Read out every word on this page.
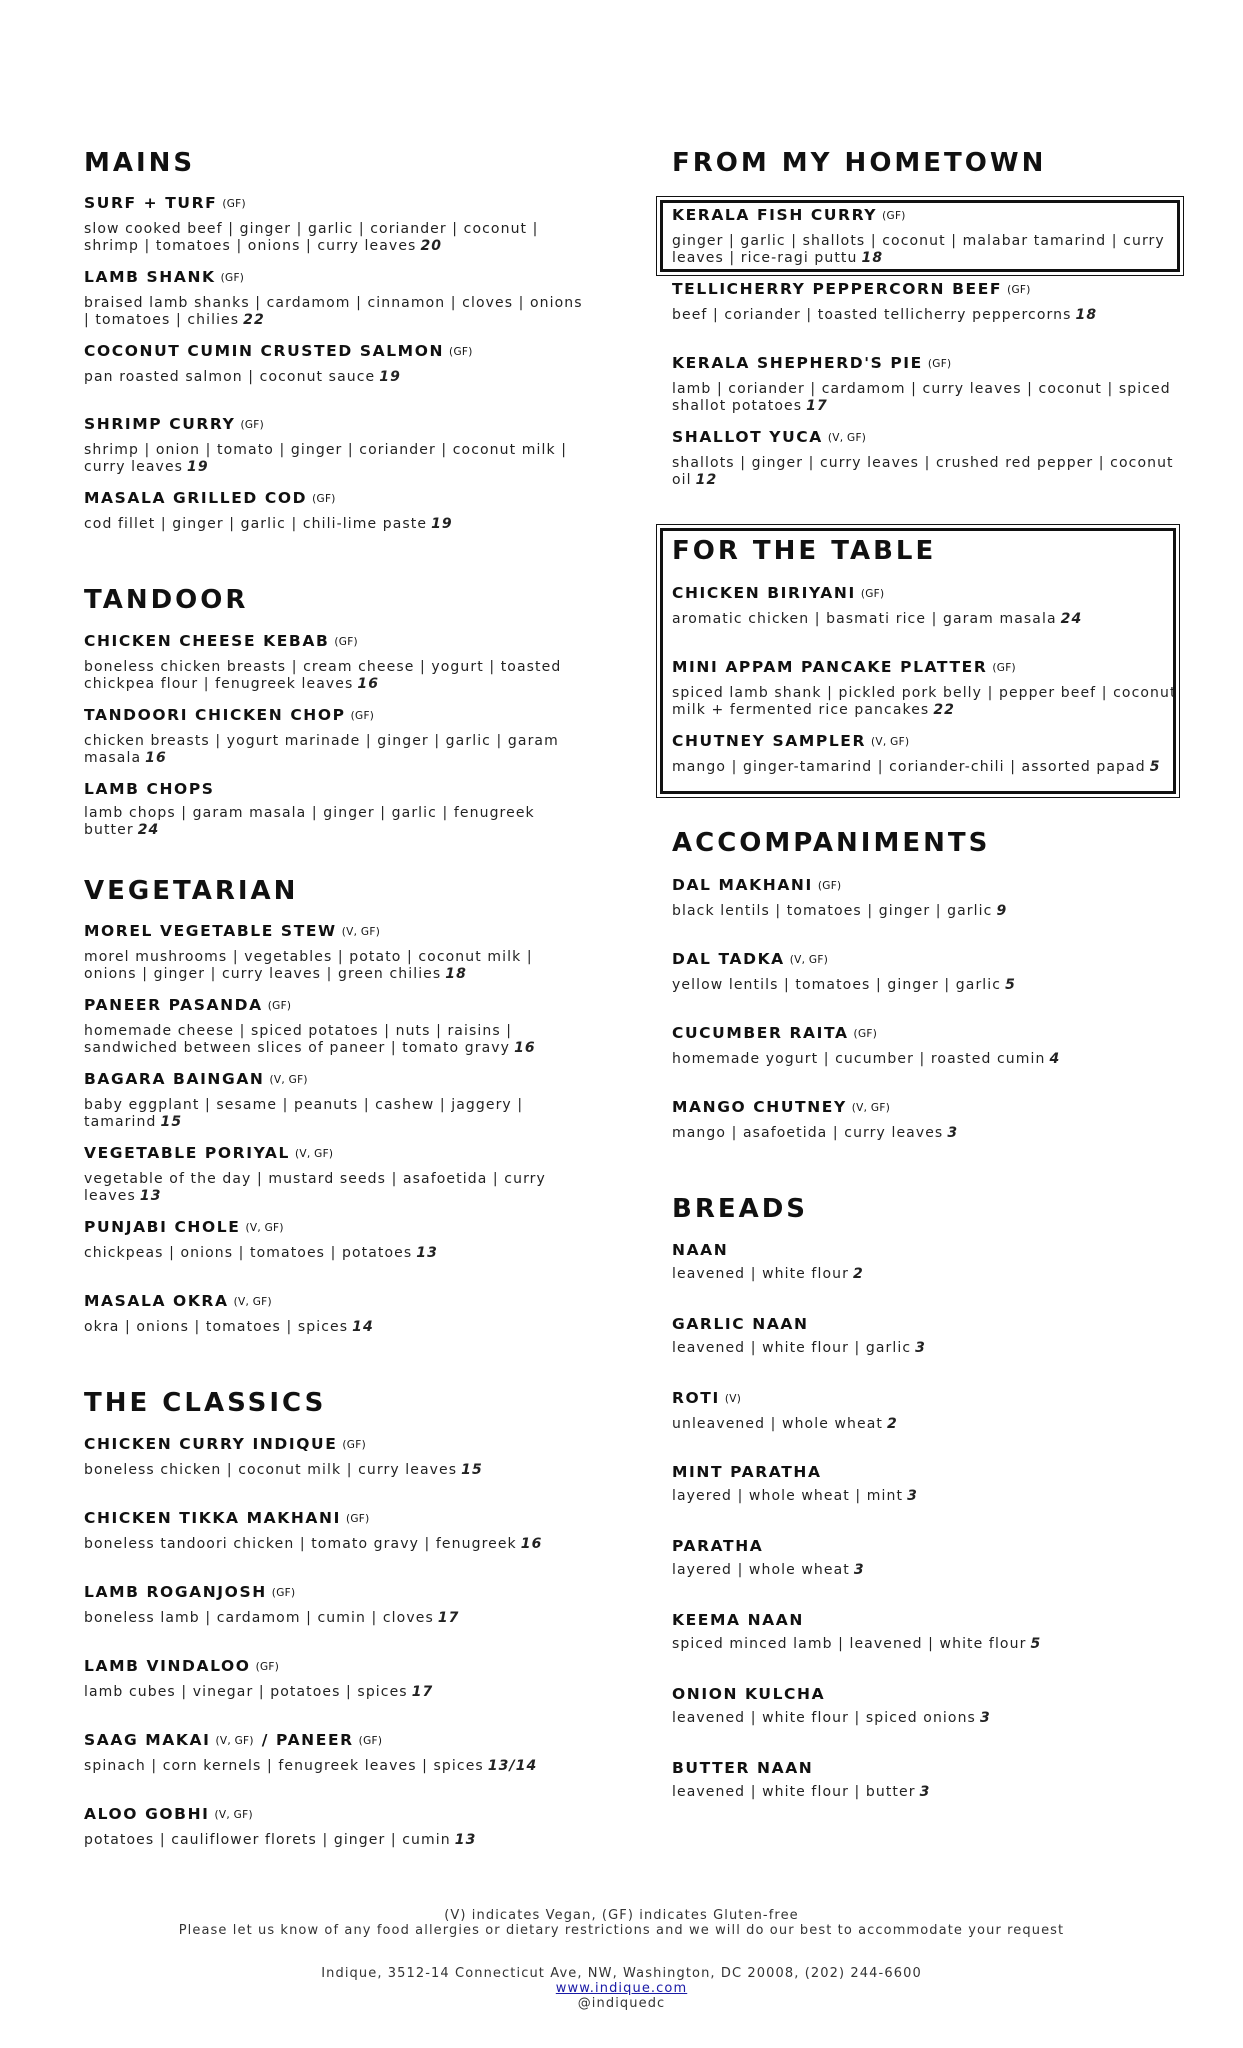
MAINS
SURF + TURF (GF)
slow cooked beef | ginger | garlic | coriander | coconut | shrimp | tomatoes | onions | curry leaves 20
LAMB SHANK (GF)
braised lamb shanks | cardamom | cinnamon | cloves | onions | tomatoes | chilies 22
COCONUT CUMIN CRUSTED SALMON (GF)
pan roasted salmon | coconut sauce 19
SHRIMP CURRY (GF)
shrimp | onion | tomato | ginger | coriander | coconut milk | curry leaves 19
MASALA GRILLED COD (GF)
cod fillet | ginger | garlic | chili-lime paste 19
TANDOOR
CHICKEN CHEESE KEBAB (GF)
boneless chicken breasts | cream cheese | yogurt | toasted chickpea flour | fenugreek leaves 16
TANDOORI CHICKEN CHOP (GF)
chicken breasts | yogurt marinade | ginger | garlic | garam masala 16
LAMB CHOPS
lamb chops | garam masala | ginger | garlic | fenugreek butter 24
VEGETARIAN
MOREL VEGETABLE STEW (V, GF)
morel mushrooms | vegetables | potato | coconut milk | onions | ginger | curry leaves | green chilies 18
PANEER PASANDA (GF)
homemade cheese | spiced potatoes | nuts | raisins | sandwiched between slices of paneer | tomato gravy 16
BAGARA BAINGAN (V, GF)
baby eggplant | sesame | peanuts | cashew | jaggery | tamarind 15
VEGETABLE PORIYAL (V, GF)
vegetable of the day | mustard seeds | asafoetida | curry leaves 13
PUNJABI CHOLE (V, GF)
chickpeas | onions | tomatoes | potatoes 13
MASALA OKRA (V, GF)
okra | onions | tomatoes | spices 14
THE CLASSICS
CHICKEN CURRY INDIQUE (GF)
boneless chicken | coconut milk | curry leaves 15
CHICKEN TIKKA MAKHANI (GF)
boneless tandoori chicken | tomato gravy | fenugreek 16
LAMB ROGANJOSH (GF)
boneless lamb | cardamom | cumin | cloves 17
LAMB VINDALOO (GF)
lamb cubes | vinegar | potatoes | spices 17
SAAG MAKAI (V, GF) / PANEER (GF)
spinach | corn kernels | fenugreek leaves | spices 13/14
ALOO GOBHI (V, GF)
potatoes | cauliflower florets | ginger | cumin 13
FROM MY HOMETOWN
KERALA FISH CURRY (GF)
ginger | garlic | shallots | coconut | malabar tamarind | curry leaves | rice-ragi puttu 18
TELLICHERRY PEPPERCORN BEEF (GF)
beef | coriander | toasted tellicherry peppercorns 18
KERALA SHEPHERD'S PIE (GF)
lamb | coriander | cardamom | curry leaves | coconut | spiced shallot potatoes 17
SHALLOT YUCA (V, GF)
shallots | ginger | curry leaves | crushed red pepper | coconut oil 12
FOR THE TABLE
CHICKEN BIRIYANI (GF)
aromatic chicken | basmati rice | garam masala 24
MINI APPAM PANCAKE PLATTER (GF)
spiced lamb shank | pickled pork belly | pepper beef | coconut milk + fermented rice pancakes 22
CHUTNEY SAMPLER (V, GF)
mango | ginger-tamarind | coriander-chili | assorted papad 5
ACCOMPANIMENTS
DAL MAKHANI (GF)
black lentils | tomatoes | ginger | garlic 9
DAL TADKA (V, GF)
yellow lentils | tomatoes | ginger | garlic 5
CUCUMBER RAITA (GF)
homemade yogurt | cucumber | roasted cumin 4
MANGO CHUTNEY (V, GF)
mango | asafoetida | curry leaves 3
BREADS
NAAN
leavened | white flour 2
GARLIC NAAN
leavened | white flour | garlic 3
ROTI (V)
unleavened | whole wheat 2
MINT PARATHA
layered | whole wheat | mint 3
PARATHA
layered | whole wheat 3
KEEMA NAAN
spiced minced lamb | leavened | white flour 5
ONION KULCHA
leavened | white flour | spiced onions 3
BUTTER NAAN
leavened | white flour | butter 3
(V) indicates Vegan, (GF) indicates Gluten-free
Please let us know of any food allergies or dietary restrictions and we will do our best to accommodate your request
Indique, 3512-14 Connecticut Ave, NW, Washington, DC 20008, (202) 244-6600
www.indique.com
@indiquedc
